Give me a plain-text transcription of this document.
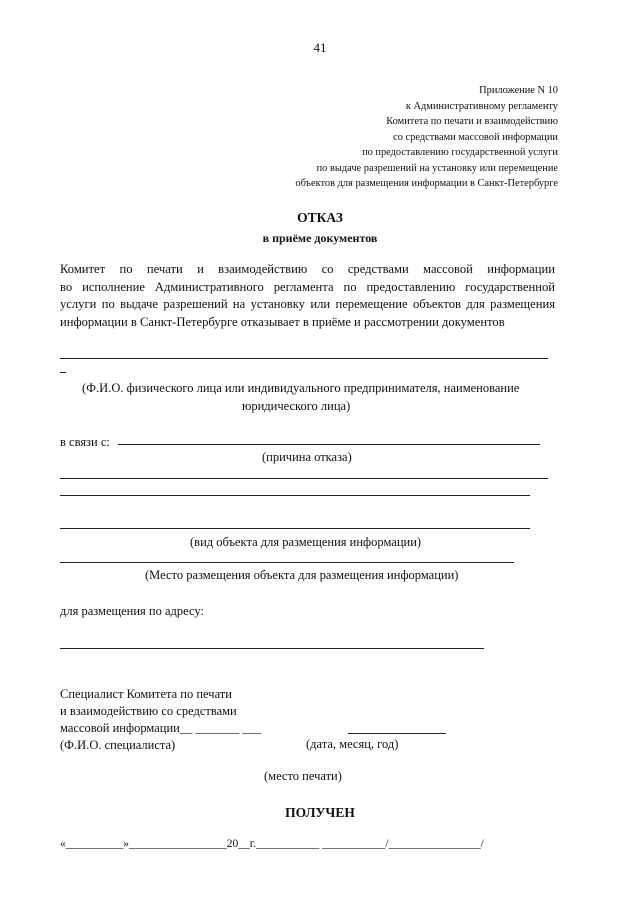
41
Приложение N 10
к Административному регламенту
Комитета по печати и взаимодействию
со средствами массовой информации
по предоставлению государственной услуги
по выдаче разрешений на установку или перемещение
объектов для размещения информации в Санкт-Петербурге
ОТКАЗ
в приёме документов
Комитет по печати и взаимодействию со средствами массовой информации
во исполнение Административного регламента по предоставлению государственной
услуги по выдаче разрешений на установку или перемещение объектов для размещения
информации в Санкт-Петербурге отказывает в приёме и рассмотрении документов
(Ф.И.О. физического лица или индивидуального предпринимателя, наименование
юридического лица)
в связи с:
(причина отказа)
(вид объекта для размещения информации)
(Место размещения объекта для размещения информации)
для размещения по адресу:
Специалист Комитета по печати
и взаимодействию со средствами
массовой информации__ _______ ___
(Ф.И.О. специалиста)	(дата, месяц, год)
(место печати)
ПОЛУЧЕН
«__________»_________________20__г.___________ ___________/________________/
